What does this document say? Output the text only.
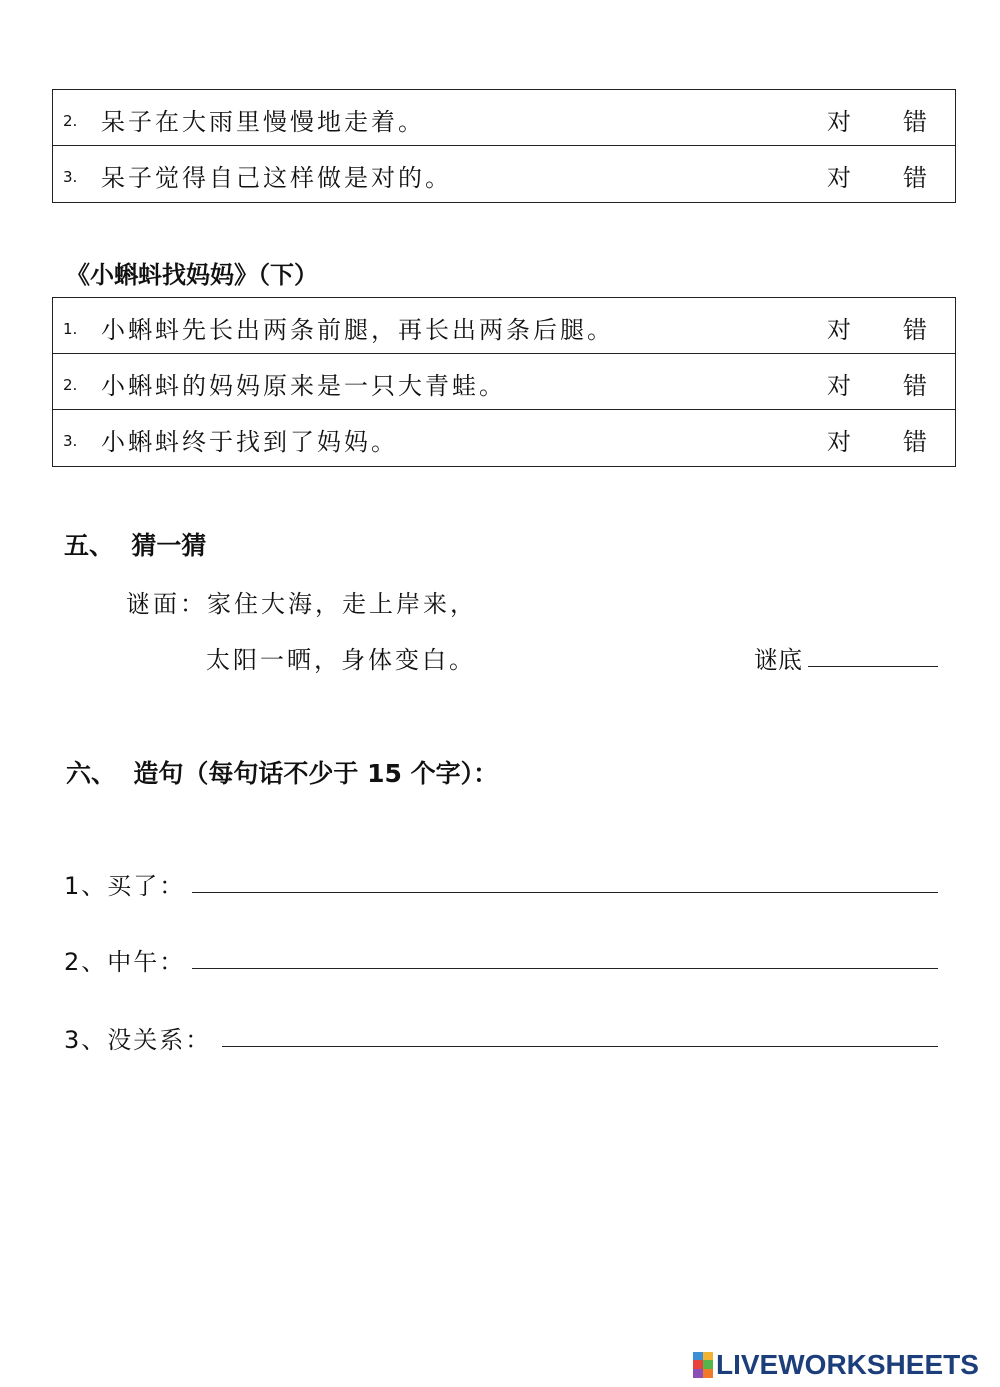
2. 呆子在大雨里慢慢地走着。	对 错
3. 呆子觉得自己这样做是对的。	对 错
《小蝌蚪找妈妈》（下）
1. 小蝌蚪先长出两条前腿，再长出两条后腿。	对 错
2. 小蝌蚪的妈妈原来是一只大青蛙。	对 错
3. 小蝌蚪终于找到了妈妈。	对 错
五、  猜一猜
谜面：家住大海，走上岸来，
太阳一晒，身体变白。	谜底
六、  造句（每句话不少于 15 个字）：
1、买了：
2、中午：
3、没关系：
LIVEWORKSHEETS
